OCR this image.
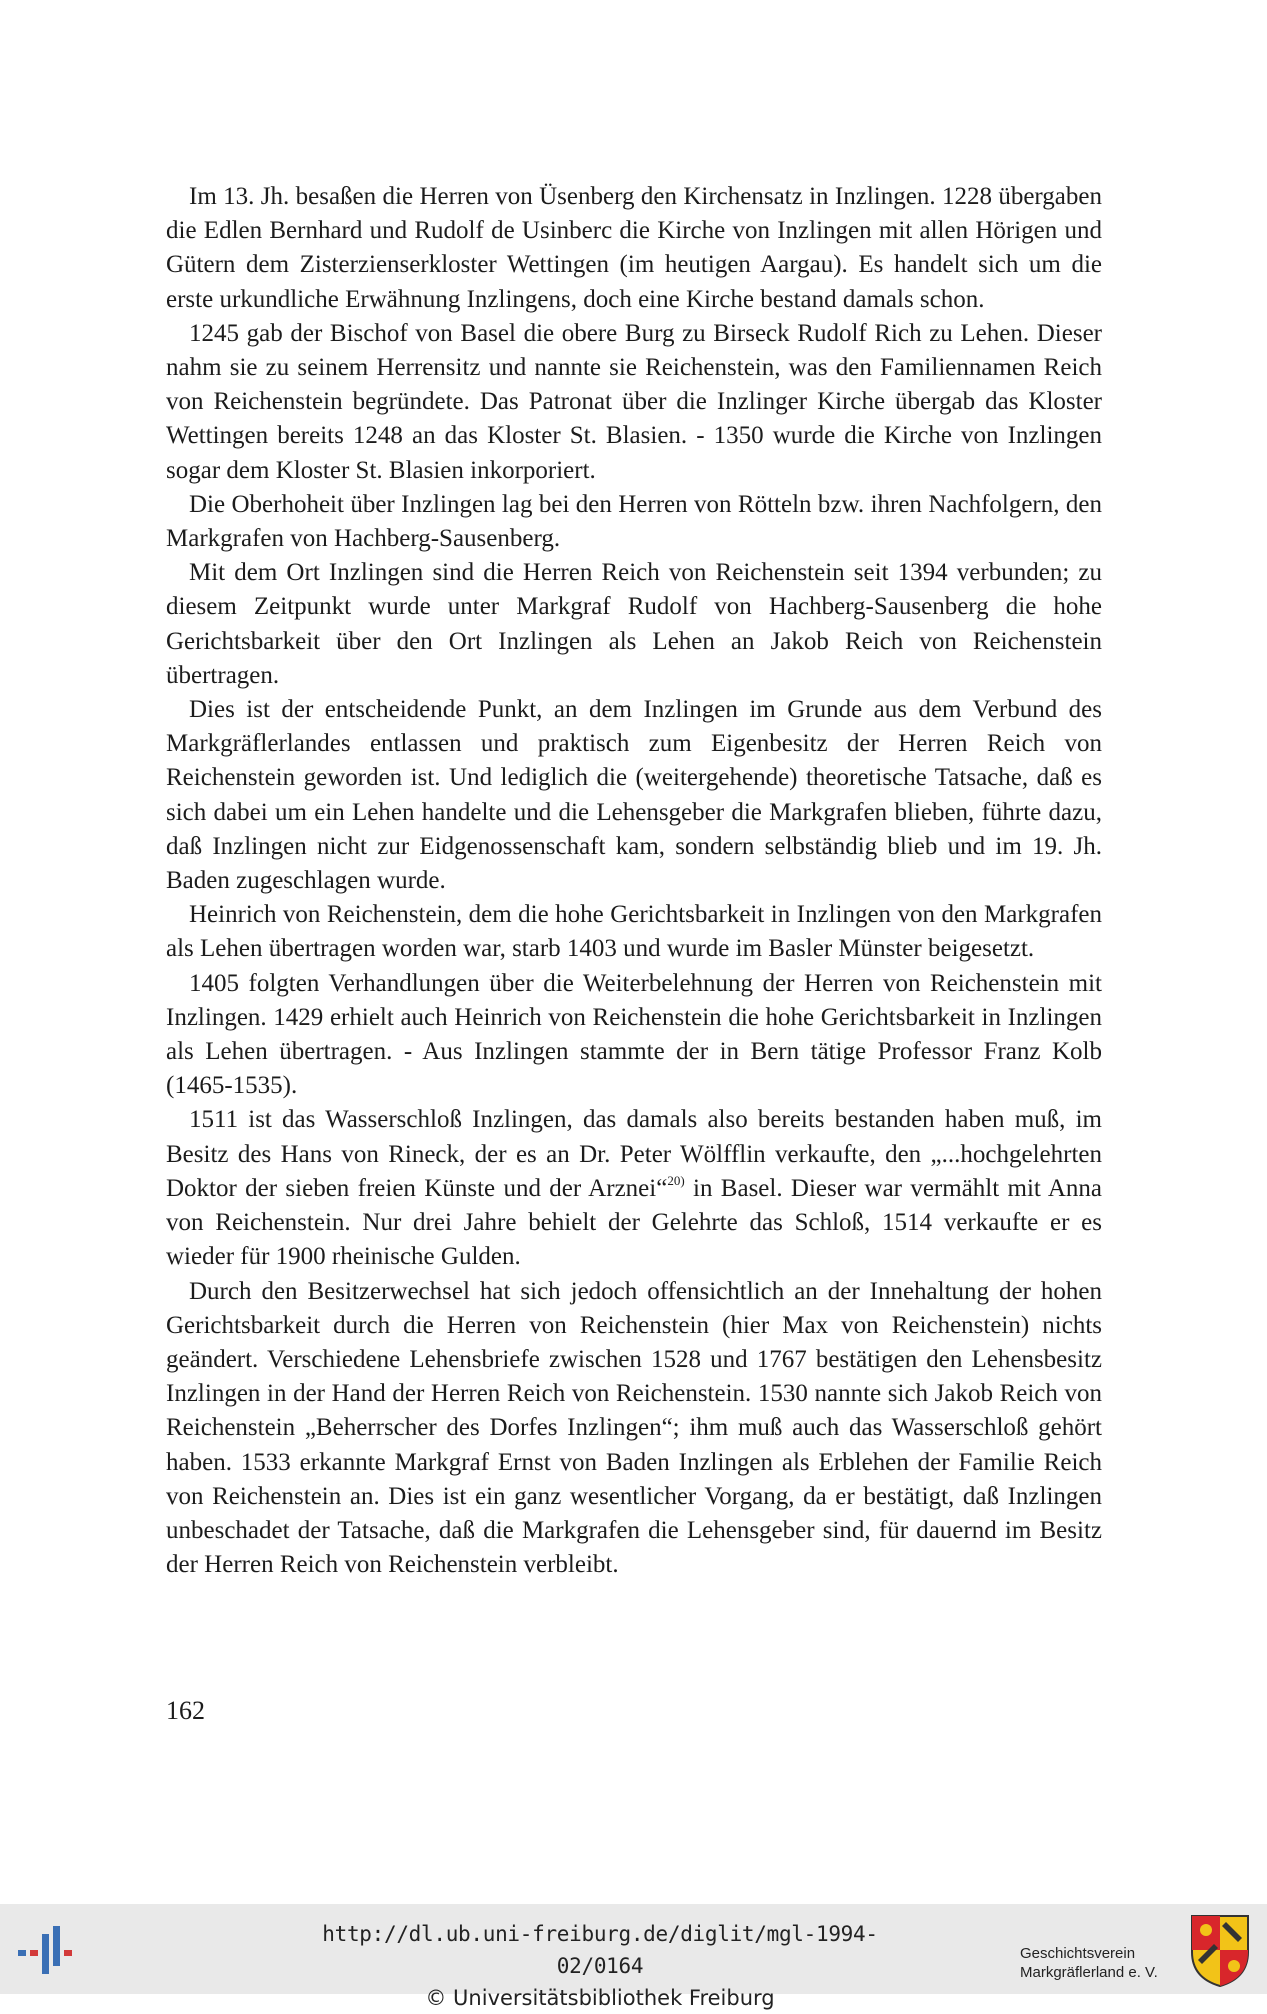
Im 13. Jh. besaßen die Herren von Üsenberg den Kirchensatz in Inzlingen. 1228 übergaben die Edlen Bernhard und Rudolf de Usinberc die Kirche von Inzlingen mit allen Hörigen und Gütern dem Zisterzienserkloster Wettingen (im heutigen Aargau). Es handelt sich um die erste urkundliche Erwähnung Inzlingens, doch eine Kirche bestand damals schon.

1245 gab der Bischof von Basel die obere Burg zu Birseck Rudolf Rich zu Lehen. Dieser nahm sie zu seinem Herrensitz und nannte sie Reichenstein, was den Familiennamen Reich von Reichenstein begründete. Das Patronat über die Inzlinger Kirche übergab das Kloster Wettingen bereits 1248 an das Kloster St. Blasien. - 1350 wurde die Kirche von Inzlingen sogar dem Kloster St. Blasien inkorporiert.

Die Oberhoheit über Inzlingen lag bei den Herren von Rötteln bzw. ihren Nachfolgern, den Markgrafen von Hachberg-Sausenberg.

Mit dem Ort Inzlingen sind die Herren Reich von Reichenstein seit 1394 verbunden; zu diesem Zeitpunkt wurde unter Markgraf Rudolf von Hachberg-Sausenberg die hohe Gerichtsbarkeit über den Ort Inzlingen als Lehen an Jakob Reich von Reichenstein übertragen.

Dies ist der entscheidende Punkt, an dem Inzlingen im Grunde aus dem Verbund des Markgräflerlandes entlassen und praktisch zum Eigenbesitz der Herren Reich von Reichenstein geworden ist. Und lediglich die (weitergehende) theoretische Tatsache, daß es sich dabei um ein Lehen handelte und die Lehensgeber die Markgrafen blieben, führte dazu, daß Inzlingen nicht zur Eidgenossenschaft kam, sondern selbständig blieb und im 19. Jh. Baden zugeschlagen wurde.

Heinrich von Reichenstein, dem die hohe Gerichtsbarkeit in Inzlingen von den Markgrafen als Lehen übertragen worden war, starb 1403 und wurde im Basler Münster beigesetzt.

1405 folgten Verhandlungen über die Weiterbelehnung der Herren von Reichenstein mit Inzlingen. 1429 erhielt auch Heinrich von Reichenstein die hohe Gerichtsbarkeit in Inzlingen als Lehen übertragen. - Aus Inzlingen stammte der in Bern tätige Professor Franz Kolb (1465-1535).

1511 ist das Wasserschloß Inzlingen, das damals also bereits bestanden haben muß, im Besitz des Hans von Rineck, der es an Dr. Peter Wölfflin verkaufte, den „...hochgelehrten Doktor der sieben freien Künste und der Arznei“$^{20)}$ in Basel. Dieser war vermählt mit Anna von Reichenstein. Nur drei Jahre behielt der Gelehrte das Schloß, 1514 verkaufte er es wieder für 1900 rheinische Gulden.

Durch den Besitzerwechsel hat sich jedoch offensichtlich an der Innehaltung der hohen Gerichtsbarkeit durch die Herren von Reichenstein (hier Max von Reichenstein) nichts geändert. Verschiedene Lehensbriefe zwischen 1528 und 1767 bestätigen den Lehensbesitz Inzlingen in der Hand der Herren Reich von Reichenstein. 1530 nannte sich Jakob Reich von Reichenstein „Beherrscher des Dorfes Inzlingen“; ihm muß auch das Wasserschloß gehört haben. 1533 erkannte Markgraf Ernst von Baden Inzlingen als Erblehen der Familie Reich von Reichenstein an. Dies ist ein ganz wesentlicher Vorgang, da er bestätigt, daß Inzlingen unbeschadet der Tatsache, daß die Markgrafen die Lehensgeber sind, für dauernd im Besitz der Herren Reich von Reichenstein verbleibt.

162
http://dl.ub.uni-freiburg.de/diglit/mgl-1994-02/0164
© Universitätsbibliothek Freiburg
Geschichtsverein
Markgräflerland e. V.
